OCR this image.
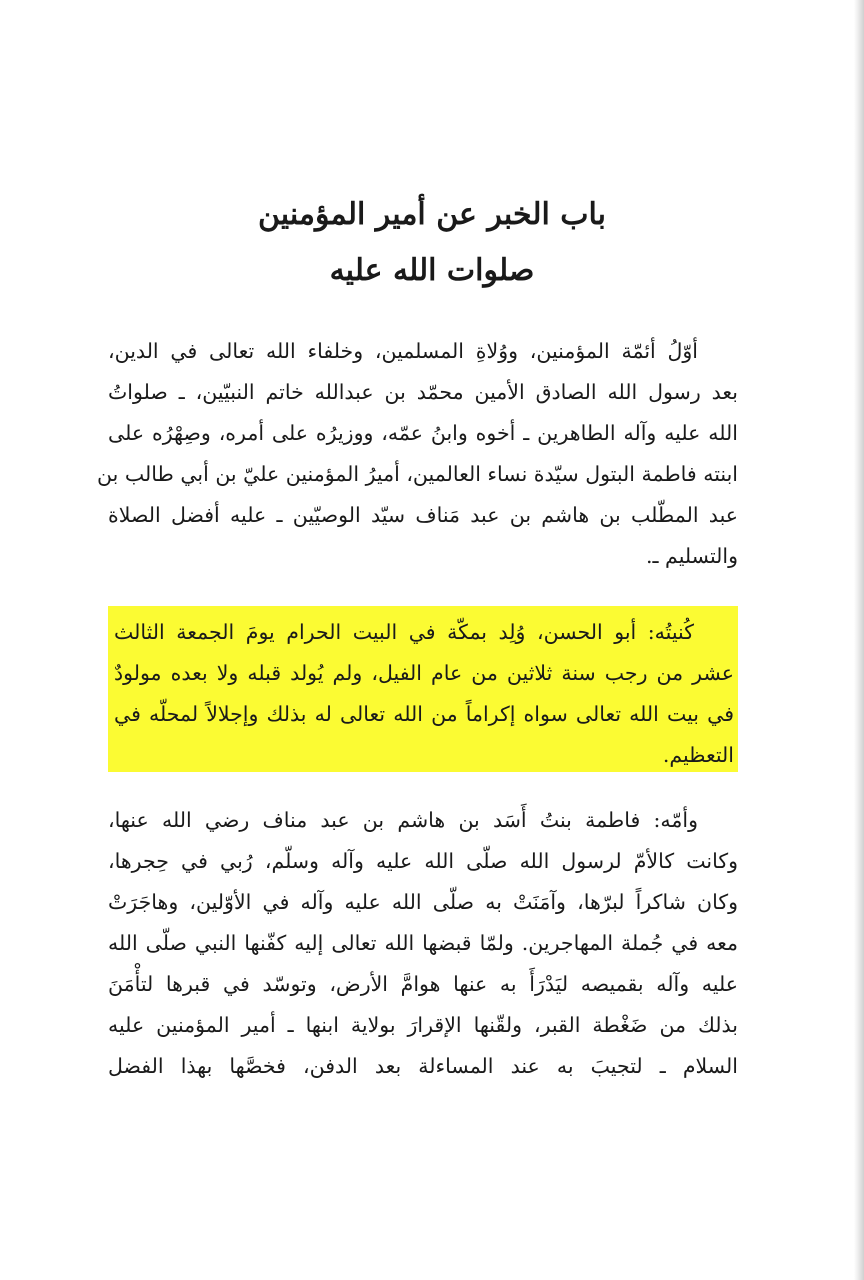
باب الخبر عن أمير المؤمنين
صلوات الله عليه
أوّلُ أئمّة المؤمنين، ووُلاةِ المسلمين، وخلفاء الله تعالى في الدين،
بعد رسول الله الصادق الأمين محمّد بن عبدالله خاتم النبيّين، ـ صلواتُ
الله عليه وآله الطاهرين ـ أخوه وابنُ عمّه، ووزيرُه على أمره، وصِهْرُه على
ابنته فاطمة البتول سيّدة نساء العالمين، أميرُ المؤمنين عليّ بن أبي طالب بن
عبد المطّلب بن هاشم بن عبد مَناف سيّد الوصيّين ـ عليه أفضل الصلاة
والتسليم ـ.
كُنيتُه: أبو الحسن، وُلِد بمكّة في البيت الحرام يومَ الجمعة الثالث
عشر من رجب سنة ثلاثين من عام الفيل، ولم يُولد قبله ولا بعده مولودٌ
في بيت الله تعالى سواه إكراماً من الله تعالى له بذلك وإجلالاً لمحلّه في
التعظيم.
وأمّه: فاطمة بنتُ أَسَد بن هاشم بن عبد مناف رضي الله عنها،
وكانت كالأمّ لرسول الله صلّى الله عليه وآله وسلّم، رُبي في حِجرها،
وكان شاكراً لبرّها، وآمَنَتْ به صلّى الله عليه وآله في الأوّلين، وهاجَرَتْ
معه في جُملة المهاجرين. ولمّا قبضها الله تعالى إليه كفّنها النبي صلّى الله
عليه وآله بقميصه ليَدْرَأَ به عنها هوامَّ الأرض، وتوسّد في قبرها لتأْمَنَ
بذلك من ضَغْطة القبر، ولقّنها الإقرارَ بولاية ابنها ـ أمير المؤمنين عليه
السلام ـ لتجيبَ به عند المساءلة بعد الدفن، فخصَّها بهذا الفضل
